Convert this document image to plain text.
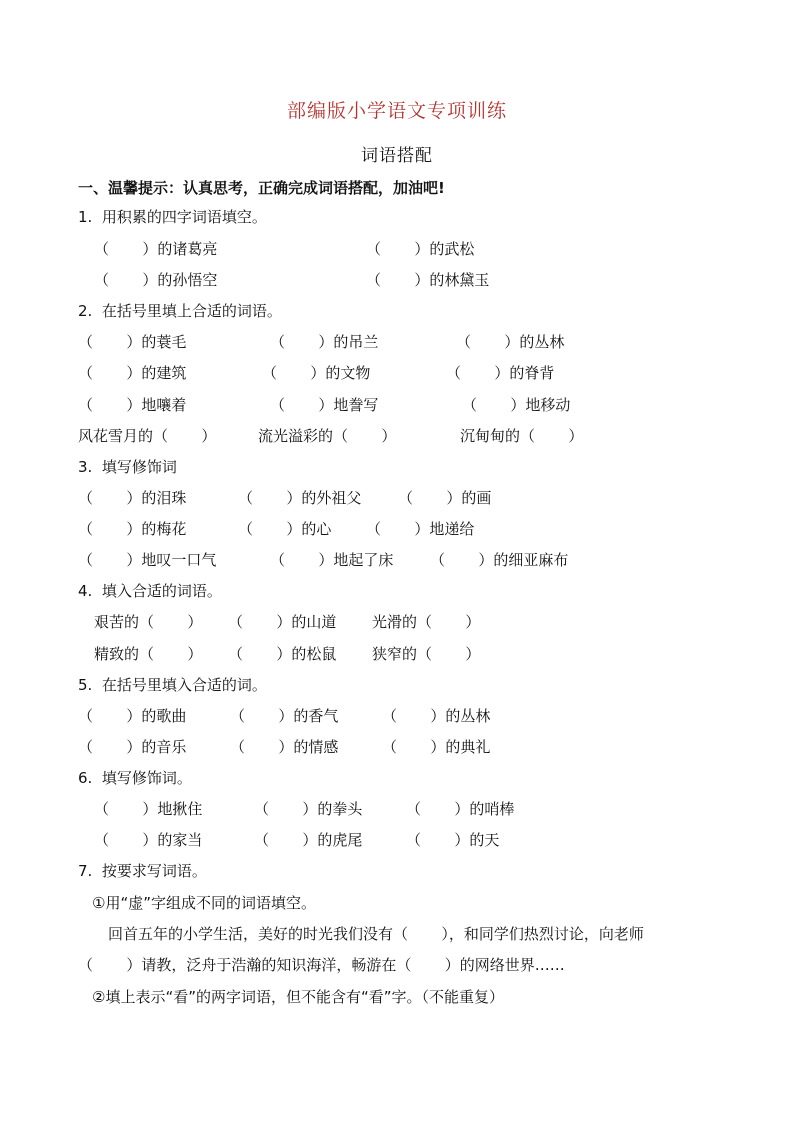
部编版小学语文专项训练
词语搭配
一、温馨提示：认真思考，正确完成词语搭配，加油吧!
1.  用积累的四字词语填空。
（       ）的诸葛亮	（       ）的武松
（       ）的孙悟空	（       ）的林黛玉
2.  在括号里填上合适的词语。
（       ）的蓑毛	（       ）的吊兰	（       ）的丛林
（       ）的建筑	（       ）的文物	（       ）的脊背
（       ）地嚷着	（       ）地誊写	（       ）地移动
风花雪月的（       ）	流光溢彩的（       ）	沉甸甸的（       ）
3.  填写修饰词
（       ）的泪珠	（       ）的外祖父 （       ）的画
（       ）的梅花	（       ）的心 （       ）地递给
（       ）地叹一口气	（       ）地起了床 （       ）的细亚麻布
4.  填入合适的词语。
艰苦的（       ） （       ）的山道 光滑的（       ）
精致的（       ） （       ）的松鼠 狭窄的（       ）
5.  在括号里填入合适的词。
（       ）的歌曲	（       ）的香气	（       ）的丛林
（       ）的音乐	（       ）的情感	（       ）的典礼
6.  填写修饰词。
（       ）地揪住	（       ）的拳头	（       ）的哨棒
（       ）的家当	（       ）的虎尾	（       ）的天
7.  按要求写词语。
①用“虚”字组成不同的词语填空。
回首五年的小学生活，美好的时光我们没有（       ），和同学们热烈讨论，向老师
（       ）请教，泛舟于浩瀚的知识海洋，畅游在（       ）的网络世界……
②填上表示“看”的两字词语，但不能含有“看”字。（不能重复）
